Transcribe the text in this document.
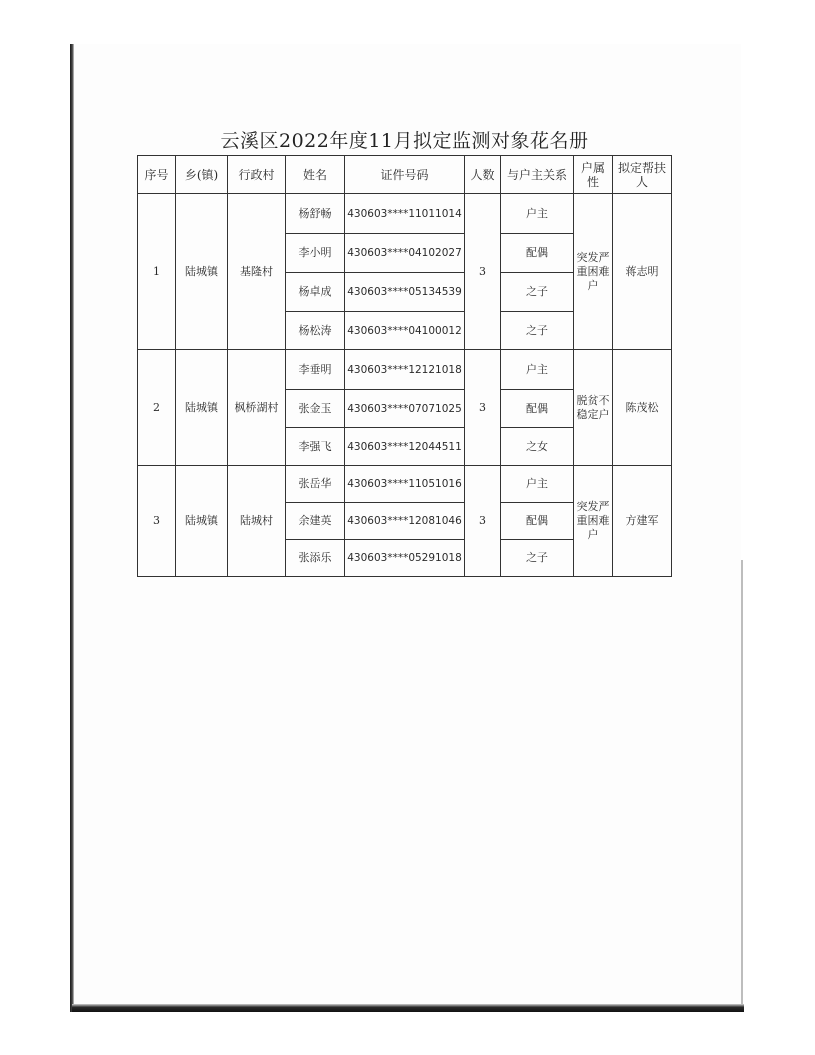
云溪区2022年度11月拟定监测对象花名册
序号	乡(镇)	行政村	姓名	证件号码	人数	与户主关系	户属性	拟定帮扶人
1	陆城镇	基隆村	杨舒畅	430603****11011014	3	户主	突发严重困难户	蒋志明
			李小明	430603****04102027		配偶		
			杨卓成	430603****05134539		之子		
			杨松涛	430603****04100012		之子		
2	陆城镇	枫桥湖村	李垂明	430603****12121018	3	户主	脱贫不稳定户	陈茂松
			张金玉	430603****07071025		配偶		
			李强飞	430603****12044511		之女		
3	陆城镇	陆城村	张岳华	430603****11051016	3	户主	突发严重困难户	方建军
			余建英	430603****12081046		配偶		
			张添乐	430603****05291018		之子		
